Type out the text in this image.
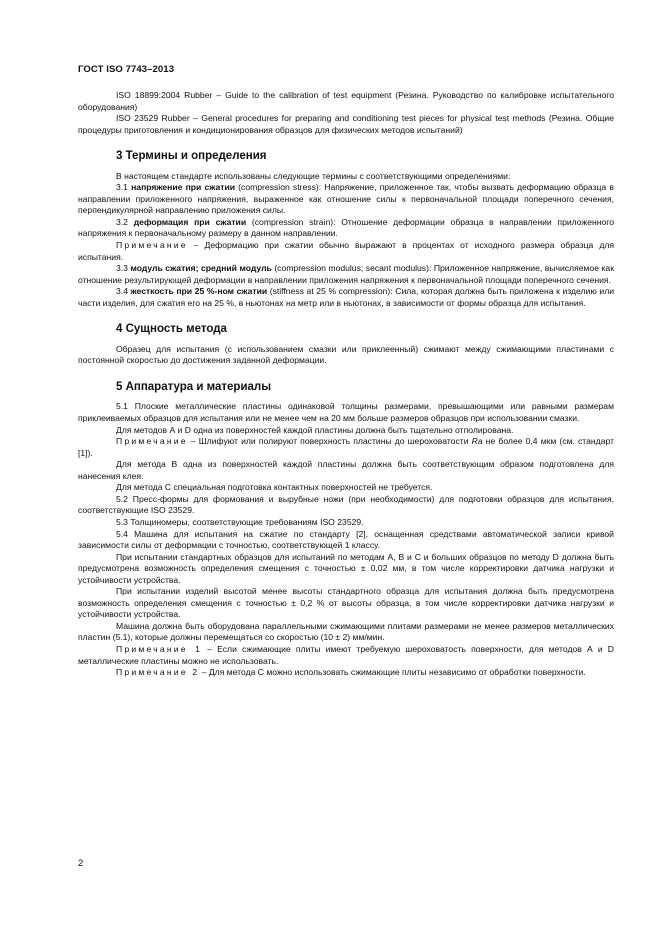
ГОСТ ISO 7743–2013

ISO 18899:2004 Rubber – Guide to the calibration of test equipment (Резина. Руководство по калибровке испытательного оборудования)

ISO 23529 Rubber – General procedures for preparing and conditioning test pieces for physical test methods (Резина. Общие процедуры приготовления и кондиционирования образцов для физических методов испытаний)

3 Термины и определения

В настоящем стандарте использованы следующие термины с соответствующими определениями:

3.1 напряжение при сжатии (compression stress): Напряжение, приложенное так, чтобы вызвать деформацию образца в направлении приложенного напряжения, выраженное как отношение силы к первоначальной площади поперечного сечения, перпендикулярной направлению приложения силы.

3.2 деформация при сжатии (compression strain): Отношение деформации образца в направлении приложенного напряжения к первоначальному размеру в данном направлении.

Примечание – Деформацию при сжатии обычно выражают в процентах от исходного размера образца для испытания.

3.3 модуль сжатия; средний модуль (compression modulus; secant modulus): Приложенное напряжение, вычисляемое как отношение результирующей деформации в направлении приложения напряжения к первоначальной площади поперечного сечения.

3.4 жесткость при 25 %-ном сжатии (stiffness at 25 % compression): Сила, которая должна быть приложена к изделию или части изделия, для сжатия его на 25 %, в ньютонах на метр или в ньютонах, в зависимости от формы образца для испытания.

4 Сущность метода

Образец для испытания (с использованием смазки или приклеенный) сжимают между сжимающими пластинами с постоянной скоростью до достижения заданной деформации.

5 Аппаратура и материалы

5.1 Плоские металлические пластины одинаковой толщины размерами, превышающими или равными размерам приклеиваемых образцов для испытания или не менее чем на 20 мм больше размеров образцов при использовании смазки.

Для методов А и D одна из поверхностей каждой пластины должна быть тщательно отполирована.

Примечание – Шлифуют или полируют поверхность пластины до шероховатости Ra не более 0,4 мкм (см. стандарт [1]).

Для метода В одна из поверхностей каждой пластины должна быть соответствующим образом подготовлена для нанесения клея.

Для метода С специальная подготовка контактных поверхностей не требуется.

5.2 Пресс-формы для формования и вырубные ножи (при необходимости) для подготовки образцов для испытания, соответствующие ISO 23529.

5.3 Толщиномеры, соответствующие требованиям ISO 23529.

5.4 Машина для испытания на сжатие по стандарту [2], оснащенная средствами автоматической записи кривой зависимости силы от деформации с точностью, соответствующей 1 классу.

При испытании стандартных образцов для испытаний по методам А, В и С и больших образцов по методу D должна быть предусмотрена возможность определения смещения с точностью ± 0,02 мм, в том числе корректировки датчика нагрузки и устойчивости устройства.

При испытании изделий высотой менее высоты стандартного образца для испытания должна быть предусмотрена возможность определения смещения с точностью ± 0,2 % от высоты образца, в том числе корректировки датчика нагрузки и устойчивости устройства.

Машина должна быть оборудована параллельными сжимающими плитами размерами не менее размеров металлических пластин (5.1), которые должны перемещаться со скоростью (10 ± 2) мм/мин.

Примечание 1 – Если сжимающие плиты имеют требуемую шероховатость поверхности, для методов А и D металлические пластины можно не использовать.

Примечание 2 – Для метода С можно использовать сжимающие плиты независимо от обработки поверхности.

2
